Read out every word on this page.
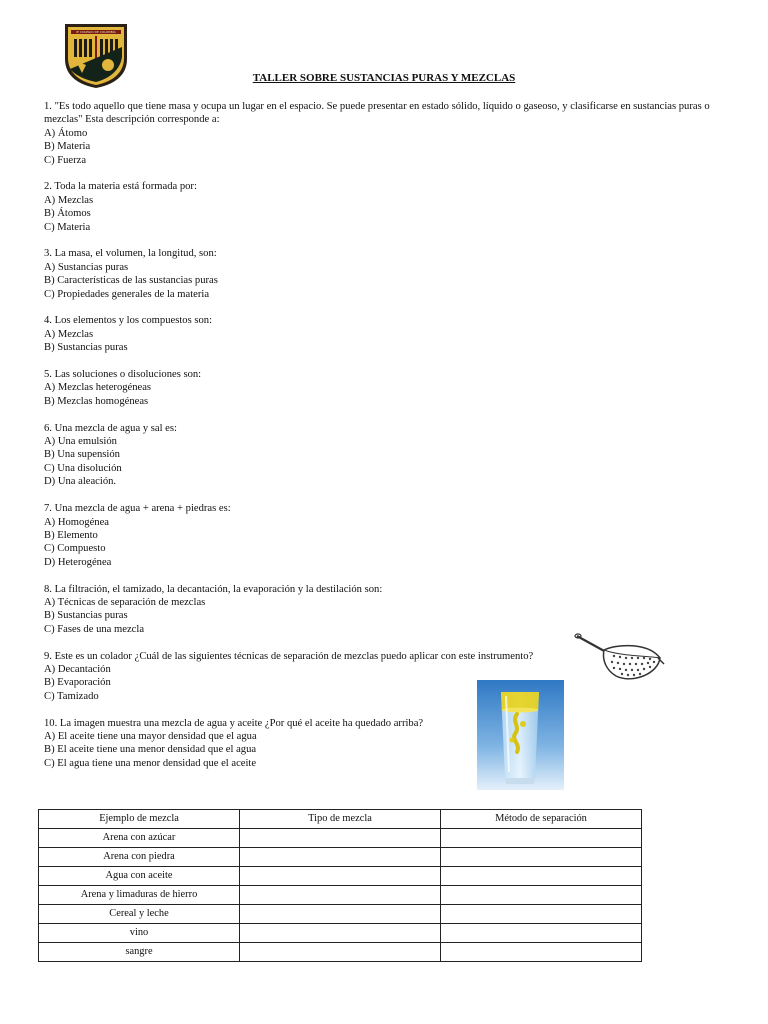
IE COLEGIO DE COLOMBIA
TALLER SOBRE SUSTANCIAS PURAS Y MEZCLAS

1. "Es todo aquello que tiene masa y ocupa un lugar en el espacio. Se puede presentar en estado sólido, líquido o gaseoso, y clasificarse en sustancias puras o mezclas" Esta descripción corresponde a:

A) Átomo

B) Materia

C) Fuerza

2. Toda la materia está formada por:

A) Mezclas

B) Átomos

C) Materia

3. La masa, el volumen, la longitud, son:

A) Sustancias puras

B) Características de las sustancias puras

C) Propiedades generales de la materia

4. Los elementos y los compuestos son:

A) Mezclas

B) Sustancias puras

5. Las soluciones o disoluciones son:

A) Mezclas heterogéneas

B) Mezclas homogéneas

6. Una mezcla de agua y sal es:

A) Una emulsión

B) Una supensión

C) Una disolución

D) Una aleación.

7. Una mezcla de agua + arena + piedras es:

A) Homogénea

B) Elemento

C) Compuesto

D) Heterogénea

8. La filtración, el tamizado, la decantación, la evaporación y la destilación son:

A) Técnicas de separación de mezclas

B) Sustancias puras

C) Fases de una mezcla

9. Este es un colador ¿Cuál de las siguientes técnicas de separación de mezclas puedo aplicar con este instrumento?

A) Decantación

B) Evaporación

C) Tamizado

10. La imagen muestra una mezcla de agua y aceite ¿Por qué el aceite ha quedado arriba?

A) El aceite tiene una mayor densidad que el agua

B) El aceite tiene una menor densidad que el agua

C) El agua tiene una menor densidad que el aceite

Ejemplo de mezcla	Tipo de mezcla	Método de separación
Arena con azúcar		
Arena con piedra		
Agua con aceite		
Arena y limaduras de hierro		
Cereal y leche		
vino		
sangre		
